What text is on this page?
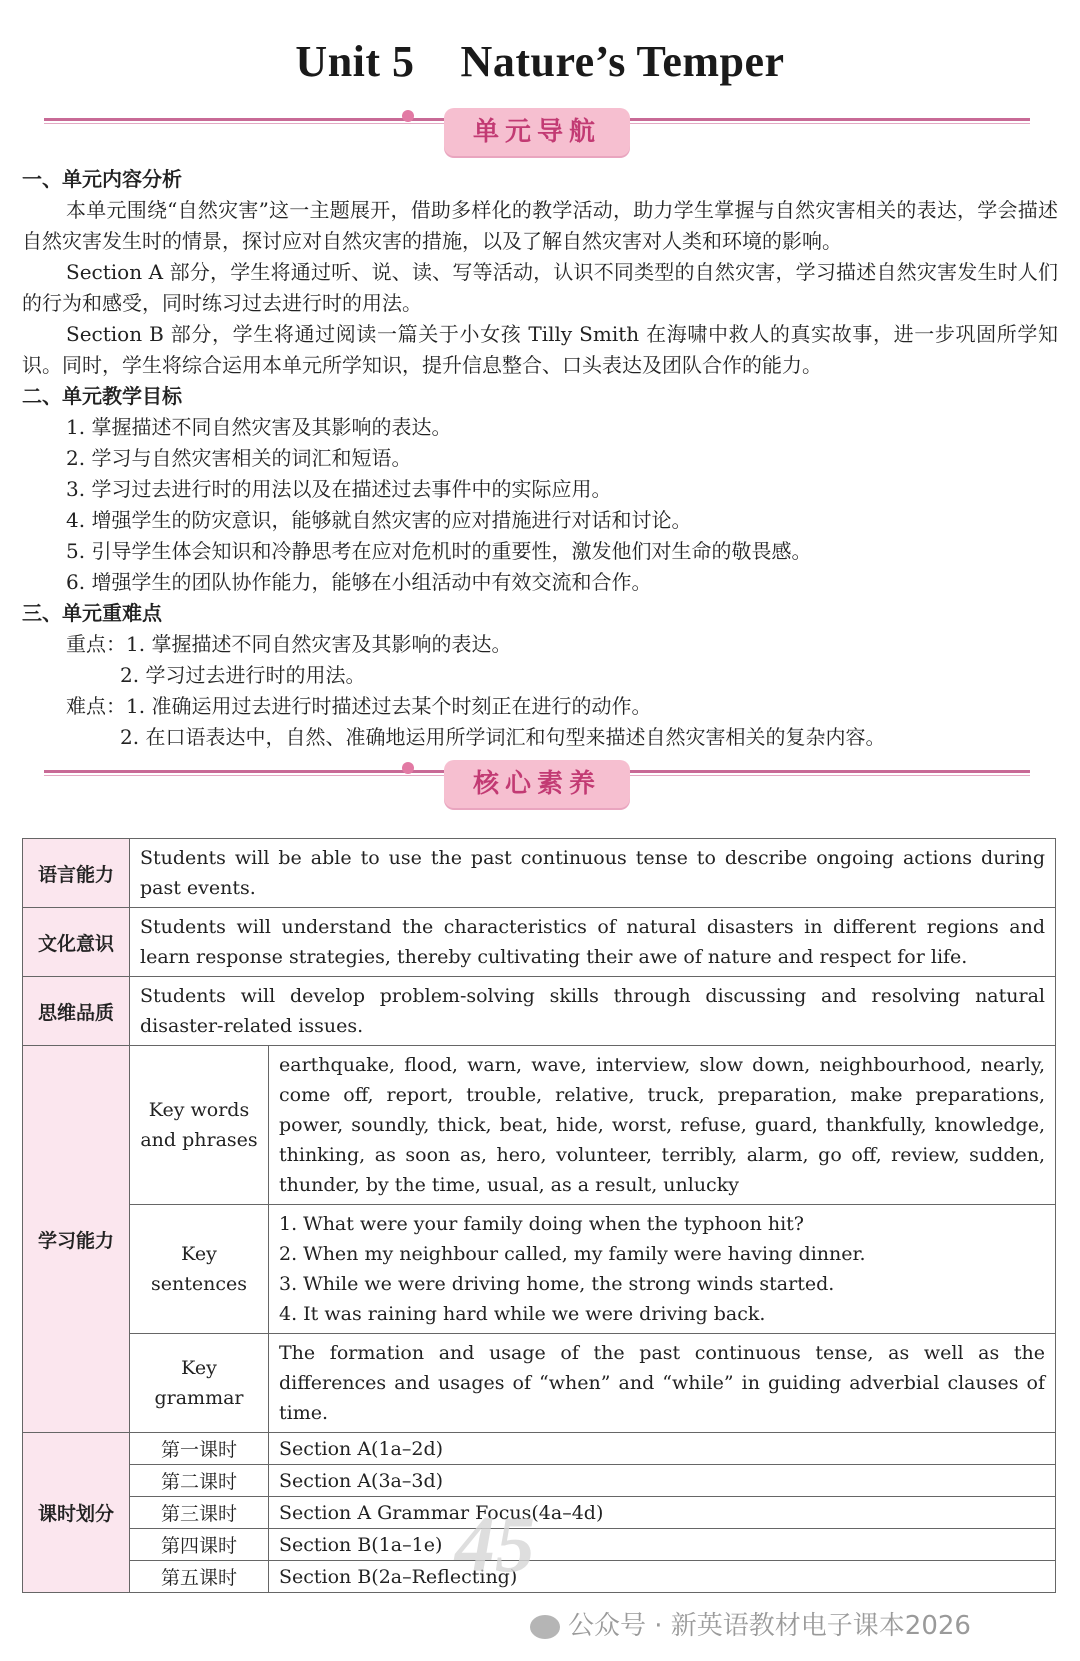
Unit 5 Nature’s Temper
单元导航
一、单元内容分析
本单元围绕“自然灾害”这一主题展开，借助多样化的教学活动，助力学生掌握与自然灾害相关的表达，学会描述自然灾害发生时的情景，探讨应对自然灾害的措施，以及了解自然灾害对人类和环境的影响。
Section A 部分，学生将通过听、说、读、写等活动，认识不同类型的自然灾害，学习描述自然灾害发生时人们的行为和感受，同时练习过去进行时的用法。
Section B 部分，学生将通过阅读一篇关于小女孩 Tilly Smith 在海啸中救人的真实故事，进一步巩固所学知识。同时，学生将综合运用本单元所学知识，提升信息整合、口头表达及团队合作的能力。
二、单元教学目标
1. 掌握描述不同自然灾害及其影响的表达。
2. 学习与自然灾害相关的词汇和短语。
3. 学习过去进行时的用法以及在描述过去事件中的实际应用。
4. 增强学生的防灾意识，能够就自然灾害的应对措施进行对话和讨论。
5. 引导学生体会知识和冷静思考在应对危机时的重要性，激发他们对生命的敬畏感。
6. 增强学生的团队协作能力，能够在小组活动中有效交流和合作。
三、单元重难点
重点：1. 掌握描述不同自然灾害及其影响的表达。
2. 学习过去进行时的用法。
难点：1. 准确运用过去进行时描述过去某个时刻正在进行的动作。
2. 在口语表达中，自然、准确地运用所学词汇和句型来描述自然灾害相关的复杂内容。
核心素养
语言能力	Students will be able to use the past continuous tense to describe ongoing actions during past events.	
文化意识	Students will understand the characteristics of natural disasters in different regions and learn response strategies, thereby cultivating their awe of nature and respect for life.	
思维品质	Students will develop problem-solving skills through discussing and resolving natural disaster-related issues.	
学习能力	Key words and phrases	earthquake, flood, warn, wave, interview, slow down, neighbourhood, nearly, come off, report, trouble, relative, truck, preparation, make preparations, power, soundly, thick, beat, hide, worst, refuse, guard, thankfully, knowledge, thinking, as soon as, hero, volunteer, terribly, alarm, go off, review, sudden, thunder, by the time, usual, as a result, unlucky
	Key sentences	1. What were your family doing when the typhoon hit?
2. When my neighbour called, my family were having dinner.
3. While we were driving home, the strong winds started.
4. It was raining hard while we were driving back.

	Key grammar	The formation and usage of the past continuous tense, as well as the differences and usages of “when” and “while” in guiding adverbial clauses of time.
课时划分	第一课时	Section A(1a–2d)
	第二课时	Section A(3a–3d)
	第三课时	Section A Grammar Focus(4a–4d)
	第四课时	Section B(1a–1e)
	第五课时	Section B(2a–Reflecting)
45
公众号 · 新英语教材电子课本2026
